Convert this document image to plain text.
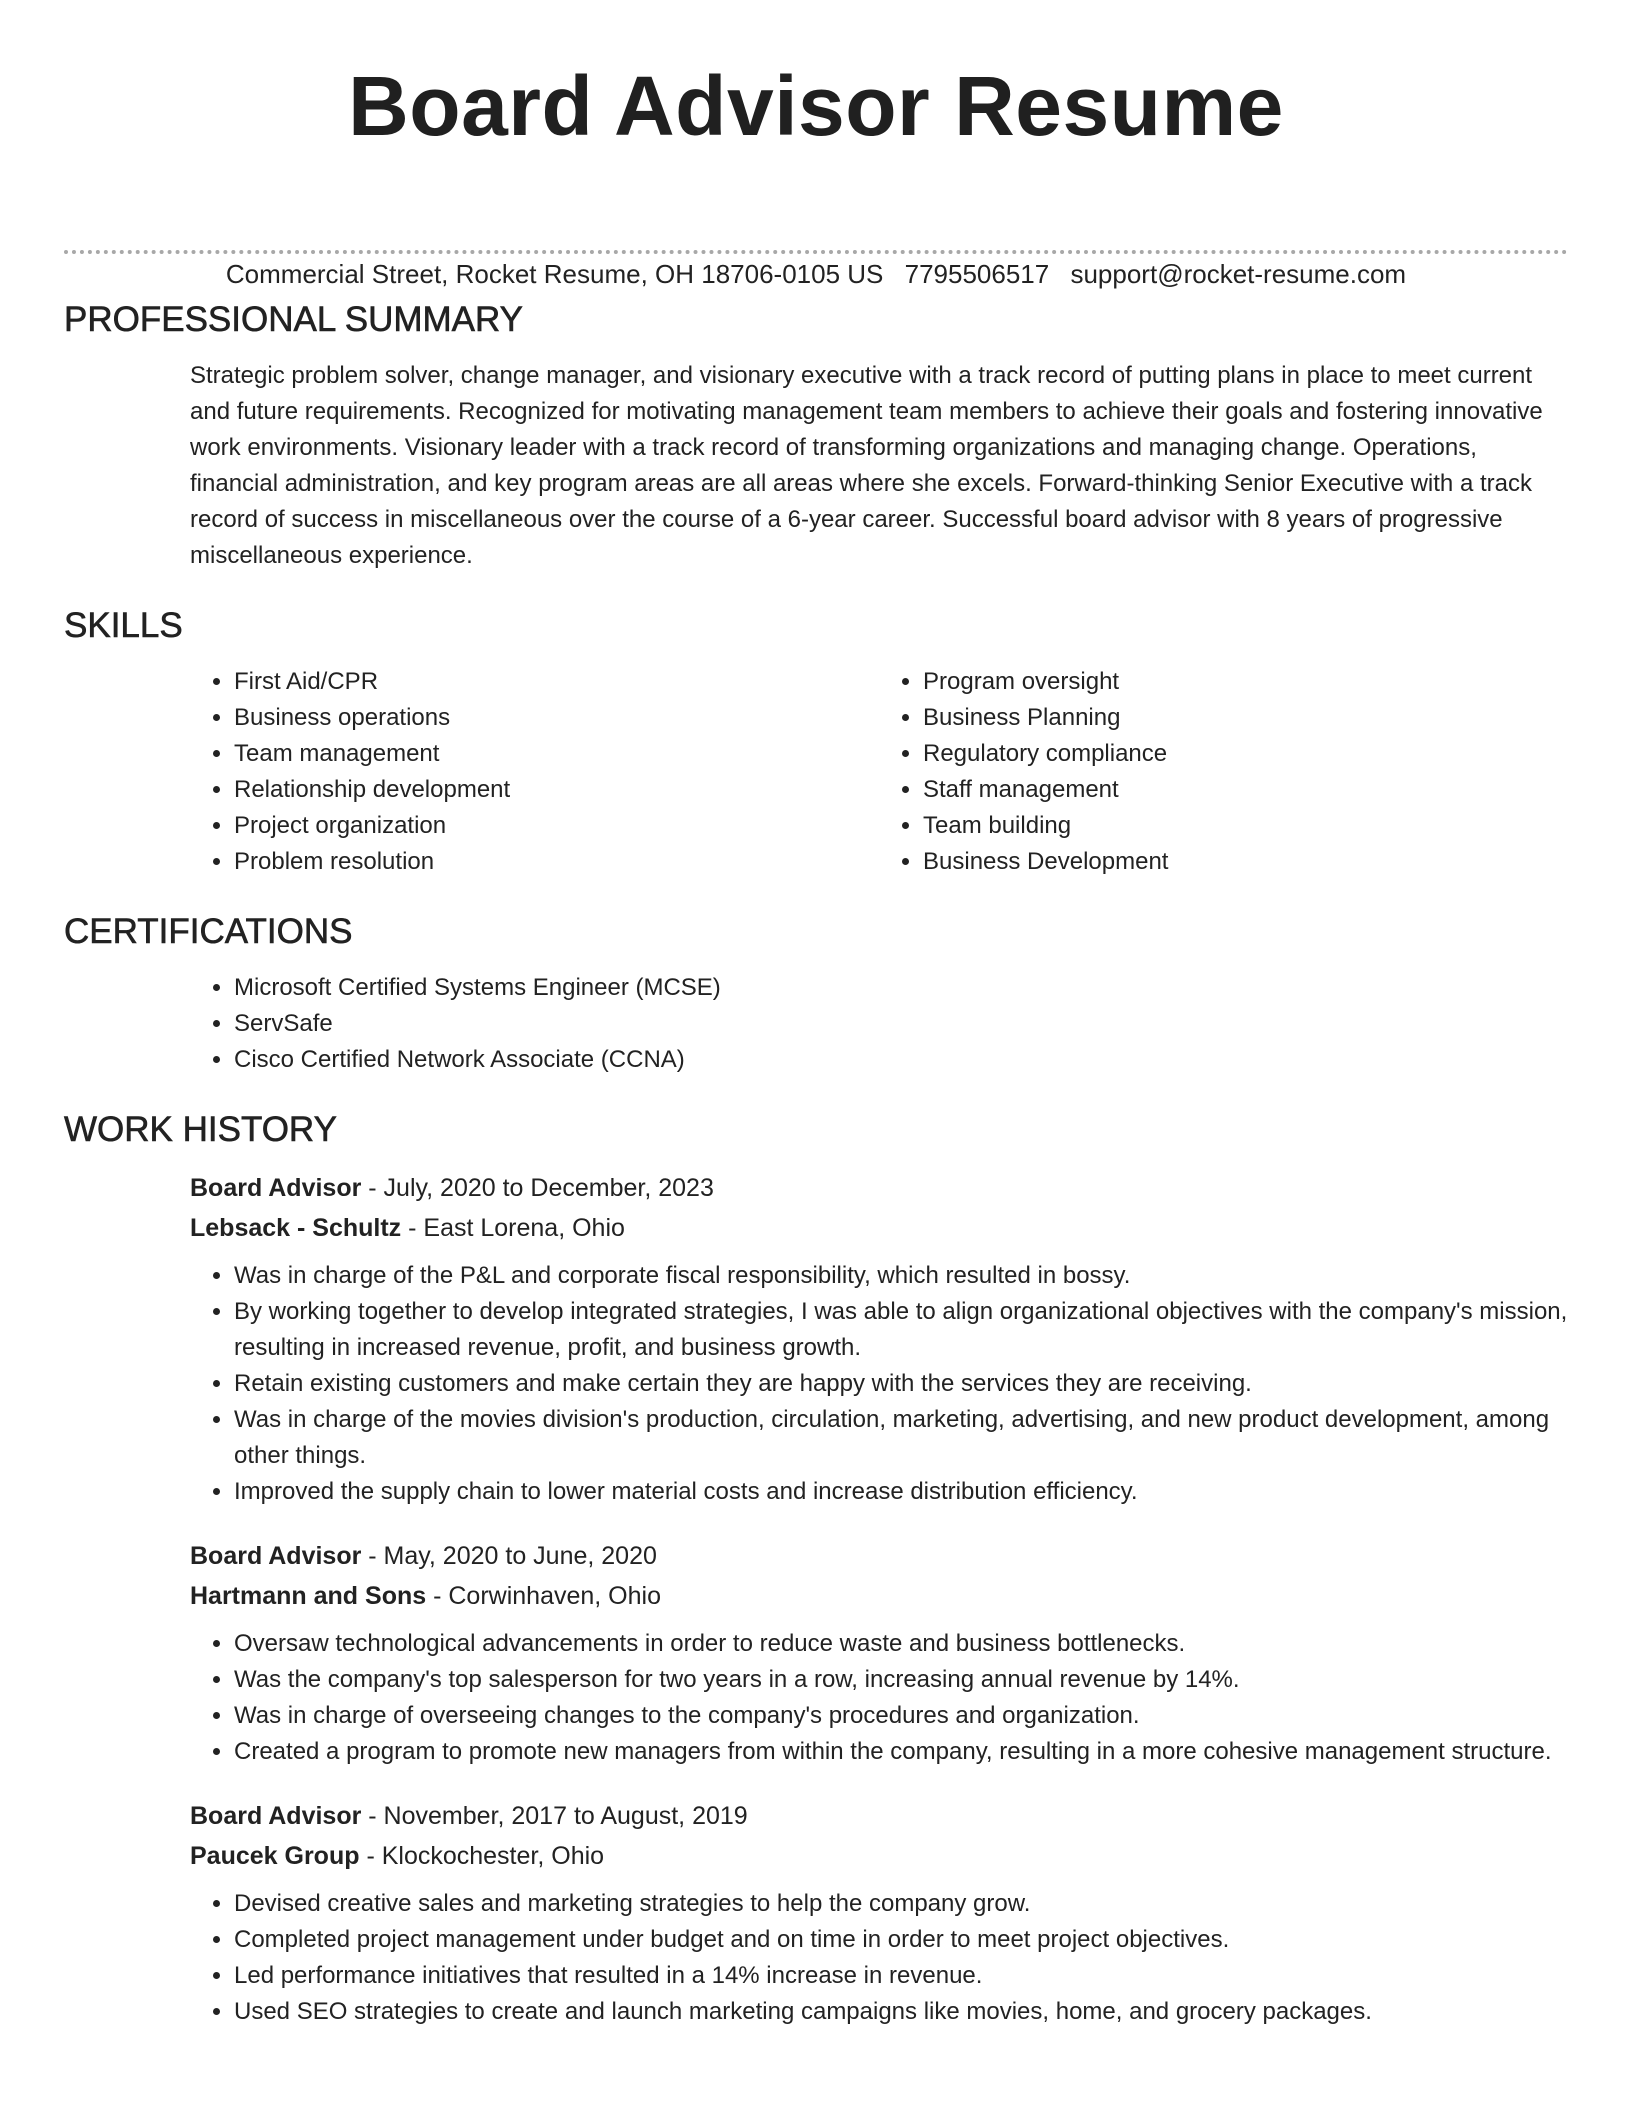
Board Advisor Resume
Commercial Street, Rocket Resume, OH 18706-0105 US 7795506517 support@rocket-resume.com
PROFESSIONAL SUMMARY

Strategic problem solver, change manager, and visionary executive with a track record of putting plans in place to meet current and future requirements. Recognized for motivating management team members to achieve their goals and fostering innovative work environments. Visionary leader with a track record of transforming organizations and managing change. Operations, financial administration, and key program areas are all areas where she excels. Forward-thinking Senior Executive with a track record of success in miscellaneous over the course of a 6-year career. Successful board advisor with 8 years of progressive miscellaneous experience.

SKILLS
• First Aid/CPR
• Business operations
• Team management
• Relationship development
• Project organization
• Problem resolution
• Program oversight
• Business Planning
• Regulatory compliance
• Staff management
• Team building
• Business Development
CERTIFICATIONS
• Microsoft Certified Systems Engineer (MCSE)
• ServSafe
• Cisco Certified Network Associate (CCNA)
WORK HISTORY
Board Advisor - July, 2020 to December, 2023
Lebsack - Schultz - East Lorena, Ohio
• Was in charge of the P&L and corporate fiscal responsibility, which resulted in bossy.
• By working together to develop integrated strategies, I was able to align organizational objectives with the company's mission, resulting in increased revenue, profit, and business growth.
• Retain existing customers and make certain they are happy with the services they are receiving.
• Was in charge of the movies division's production, circulation, marketing, advertising, and new product development, among other things.
• Improved the supply chain to lower material costs and increase distribution efficiency.
Board Advisor - May, 2020 to June, 2020
Hartmann and Sons - Corwinhaven, Ohio
• Oversaw technological advancements in order to reduce waste and business bottlenecks.
• Was the company's top salesperson for two years in a row, increasing annual revenue by 14%.
• Was in charge of overseeing changes to the company's procedures and organization.
• Created a program to promote new managers from within the company, resulting in a more cohesive management structure.
Board Advisor - November, 2017 to August, 2019
Paucek Group - Klockochester, Ohio
• Devised creative sales and marketing strategies to help the company grow.
• Completed project management under budget and on time in order to meet project objectives.
• Led performance initiatives that resulted in a 14% increase in revenue.
• Used SEO strategies to create and launch marketing campaigns like movies, home, and grocery packages.
